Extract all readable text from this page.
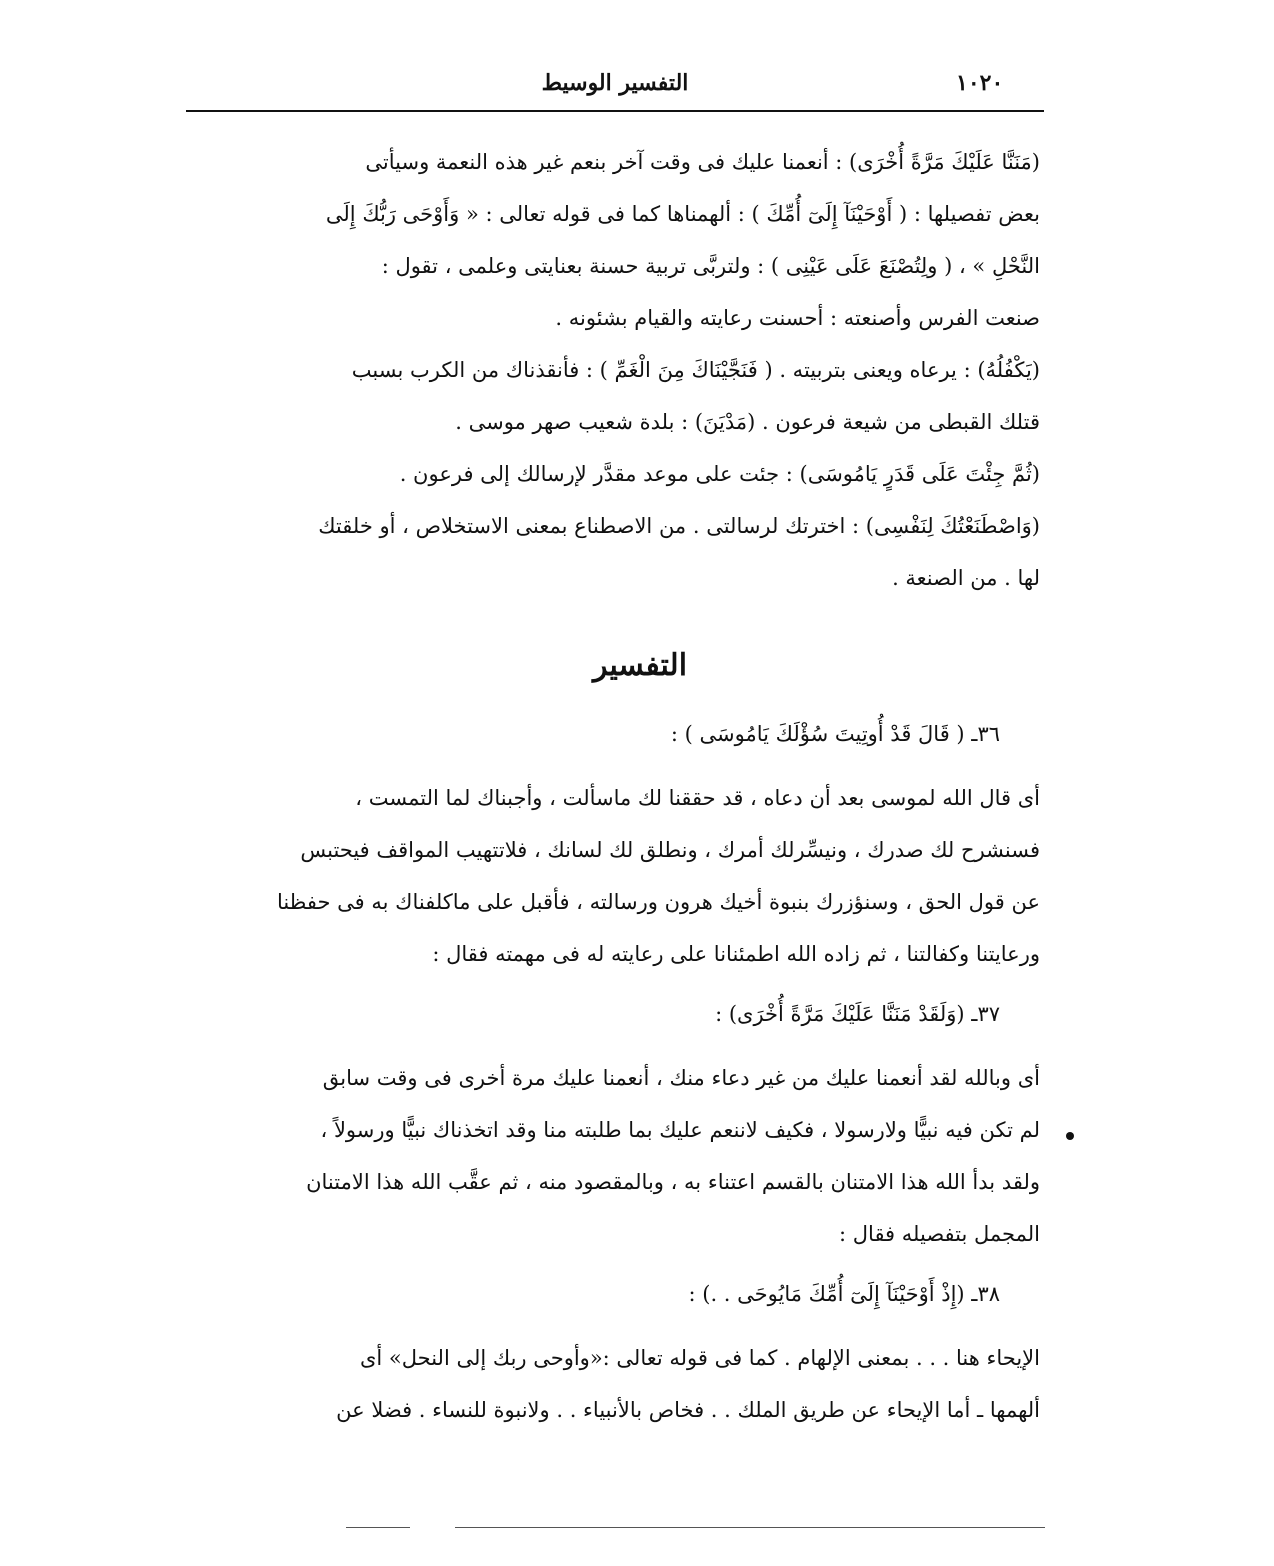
التفسير الوسيط	١٠٢٠
(مَنَنَّا عَلَيْكَ مَرَّةً أُخْرَى) : أنعمنا عليك فى وقت آخر بنعم غير هذه النعمة وسيأتى
بعض تفصيلها : ( أَوْحَيْنَآ إِلَىٓ أُمِّكَ ) : ألهمناها كما فى قوله تعالى : « وَأَوْحَى رَبُّكَ إِلَى
النَّحْلِ » ، ( ولِتُصْنَعَ عَلَى عَيْنِى ) : ولتربَّى تربية حسنة بعنايتى وعلمى ، تقول :
صنعت الفرس وأصنعته : أحسنت رعايته والقيام بشئونه .
(يَكْفُلُهُ) : يرعاه ويعنى بتربيته . ( فَنَجَّيْنَاكَ مِنَ الْغَمِّ ) : فأنقذناك من الكرب بسبب
قتلك القبطى من شيعة فرعون . (مَدْيَنَ) : بلدة شعيب صهر موسى .
(ثُمَّ جِئْتَ عَلَى قَدَرٍ يَامُوسَى) : جئت على موعد مقدَّر لإرسالك إلى فرعون .
(وَاصْطَنَعْتُكَ لِنَفْسِى) : اخترتك لرسالتى . من الاصطناع بمعنى الاستخلاص ، أو خلقتك
لها . من الصنعة .
التفسير
٣٦ـ ( قَالَ قَدْ أُوتِيتَ سُؤْلَكَ يَامُوسَى ) :
أى قال الله لموسى بعد أن دعاه ، قد حققنا لك ماسألت ، وأجبناك لما التمست ،
فسنشرح لك صدرك ، ونيسِّرلك أمرك ، ونطلق لك لسانك ، فلاتتهيب المواقف فيحتبس
عن قول الحق ، وسنؤزرك بنبوة أخيك هرون ورسالته ، فأقبل على ماكلفناك به فى حفظنا
ورعايتنا وكفالتنا ، ثم زاده الله اطمئنانا على رعايته له فى مهمته فقال :
٣٧ـ (وَلَقَدْ مَنَنَّا عَلَيْكَ مَرَّةً أُخْرَى) :
أى وبالله لقد أنعمنا عليك من غير دعاء منك ، أنعمنا عليك مرة أخرى فى وقت سابق
لم تكن فيه نبيًّا ولارسولا ، فكيف لاننعم عليك بما طلبته منا وقد اتخذناك نبيًّا ورسولاً ،
ولقد بدأ الله هذا الامتنان بالقسم اعتناء به ، وبالمقصود منه ، ثم عقَّب الله هذا الامتنان
المجمل بتفصيله فقال :
٣٨ـ (إِذْ أَوْحَيْنَآ إِلَىٓ أُمِّكَ مَايُوحَى . .) :
الإيحاء هنا . . . بمعنى الإلهام . كما فى قوله تعالى :«وأوحى ربك إلى النحل» أى
ألهمها ـ أما الإيحاء عن طريق الملك . . فخاص بالأنبياء . . ولانبوة للنساء . فضلا عن
